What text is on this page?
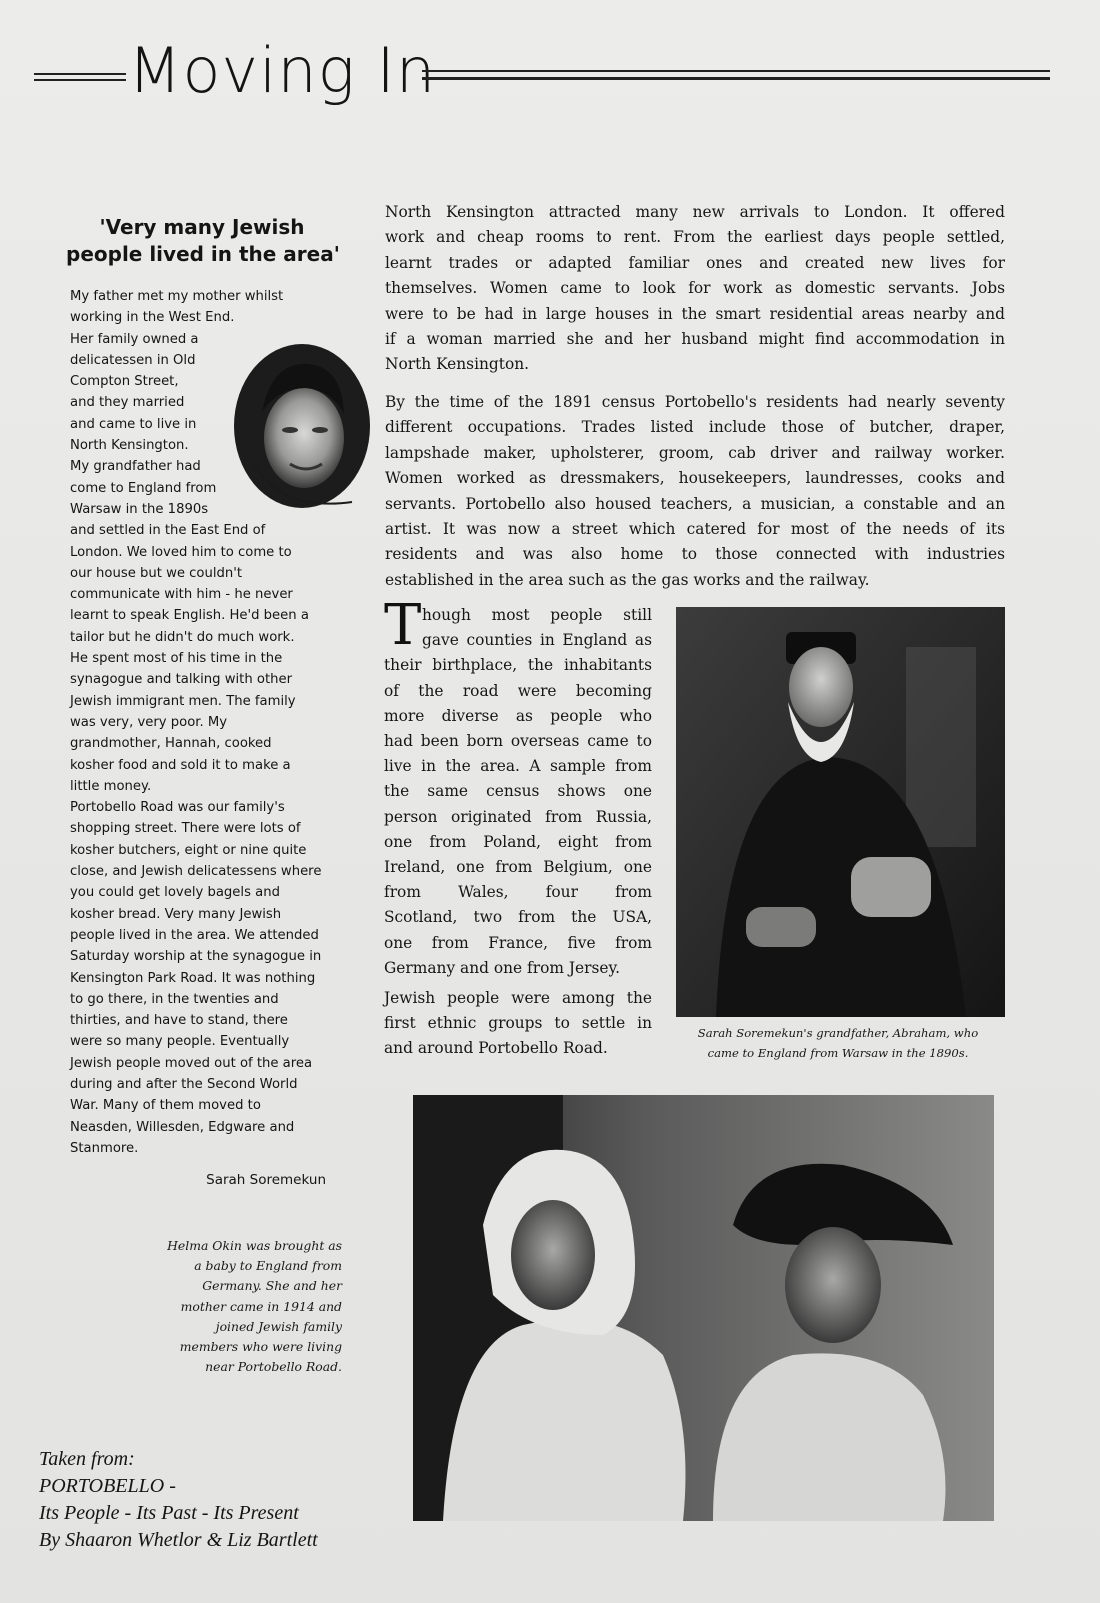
Moving In
'Very many Jewish
people lived in the area'
My father met my mother whilst
working in the West End.
Her family owned a
delicatessen in Old
Compton Street,
and they married
and came to live in
North Kensington.
My grandfather had
come to England from
Warsaw in the 1890s
and settled in the East End of
London. We loved him to come to
our house but we couldn't
communicate with him - he never
learnt to speak English. He'd been a
tailor but he didn't do much work.
He spent most of his time in the
synagogue and talking with other
Jewish immigrant men. The family
was very, very poor. My
grandmother, Hannah, cooked
kosher food and sold it to make a
little money.
Portobello Road was our family's
shopping street. There were lots of
kosher butchers, eight or nine quite
close, and Jewish delicatessens where
you could get lovely bagels and
kosher bread. Very many Jewish
people lived in the area. We attended
Saturday worship at the synagogue in
Kensington Park Road. It was nothing
to go there, in the twenties and
thirties, and have to stand, there
were so many people. Eventually
Jewish people moved out of the area
during and after the Second World
War. Many of them moved to
Neasden, Willesden, Edgware and
Stanmore.
Sarah Soremekun
Helma Okin was brought as
a baby to England from
Germany. She and her
mother came in 1914 and
joined Jewish family
members who were living
near Portobello Road.
Taken from:
PORTOBELLO -
Its People - Its Past - Its Present
By Shaaron Whetlor & Liz Bartlett
North Kensington attracted many new arrivals to London. It offered
work and cheap rooms to rent. From the earliest days people settled,
learnt trades or adapted familiar ones and created new lives for
themselves. Women came to look for work as domestic servants. Jobs
were to be had in large houses in the smart residential areas nearby and
if a woman married she and her husband might find accommodation in
North Kensington.
By the time of the 1891 census Portobello's residents had nearly seventy
different occupations. Trades listed include those of butcher, draper,
lampshade maker, upholsterer, groom, cab driver and railway worker.
Women worked as dressmakers, housekeepers, laundresses, cooks and
servants. Portobello also housed teachers, a musician, a constable and an
artist. It was now a street which catered for most of the needs of its
residents and was also home to those connected with industries
established in the area such as the gas works and the railway.
T hough most people still
gave counties in England as
their birthplace, the inhabitants
of the road were becoming
more diverse as people who
had been born overseas came to
live in the area. A sample from
the same census shows one
person originated from Russia,
one from Poland, eight from
Ireland, one from Belgium, one
from Wales, four from
Scotland, two from the USA,
one from France, five from
Germany and one from Jersey.
Jewish people were among the
first ethnic groups to settle in
and around Portobello Road.
Sarah Soremekun's grandfather, Abraham, who
came to England from Warsaw in the 1890s.
